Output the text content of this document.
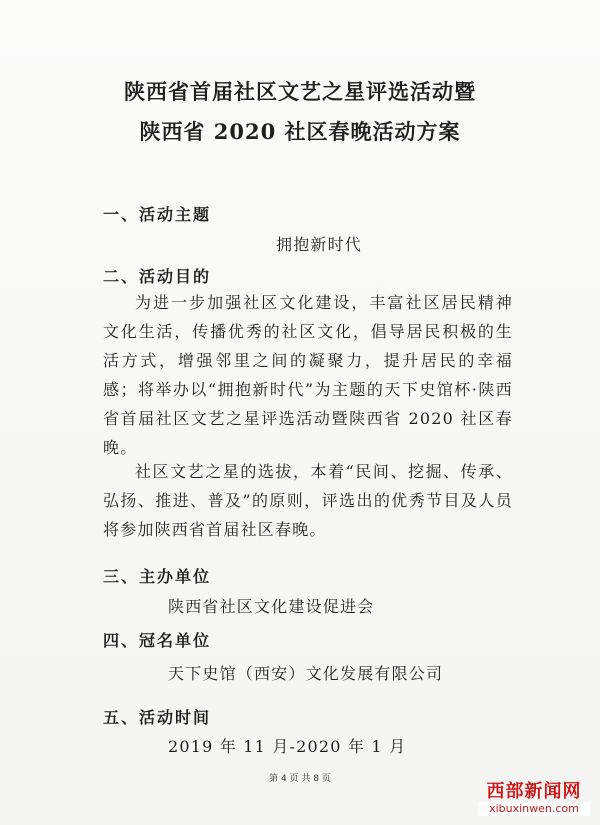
陕西省首届社区文艺之星评选活动暨
陕西省 2020 社区春晚活动方案
一、活动主题
拥抱新时代
二、活动目的
为进一步加强社区文化建设，丰富社区居民精神文化生活，传播优秀的社区文化，倡导居民积极的生活方式，增强邻里之间的凝聚力，提升居民的幸福感；将举办以“拥抱新时代”为主题的天下史馆杯·陕西省首届社区文艺之星评选活动暨陕西省 2020 社区春晚。
社区文艺之星的选拔，本着“民间、挖掘、传承、弘扬、推进、普及”的原则，评选出的优秀节目及人员将参加陕西省首届社区春晚。
三、主办单位
陕西省社区文化建设促进会
四、冠名单位
天下史馆（西安）文化发展有限公司
五、活动时间
2019 年 11 月-2020 年 1 月
第 4 页 共 8 页
西部新闻网
xibuxinwen.com
